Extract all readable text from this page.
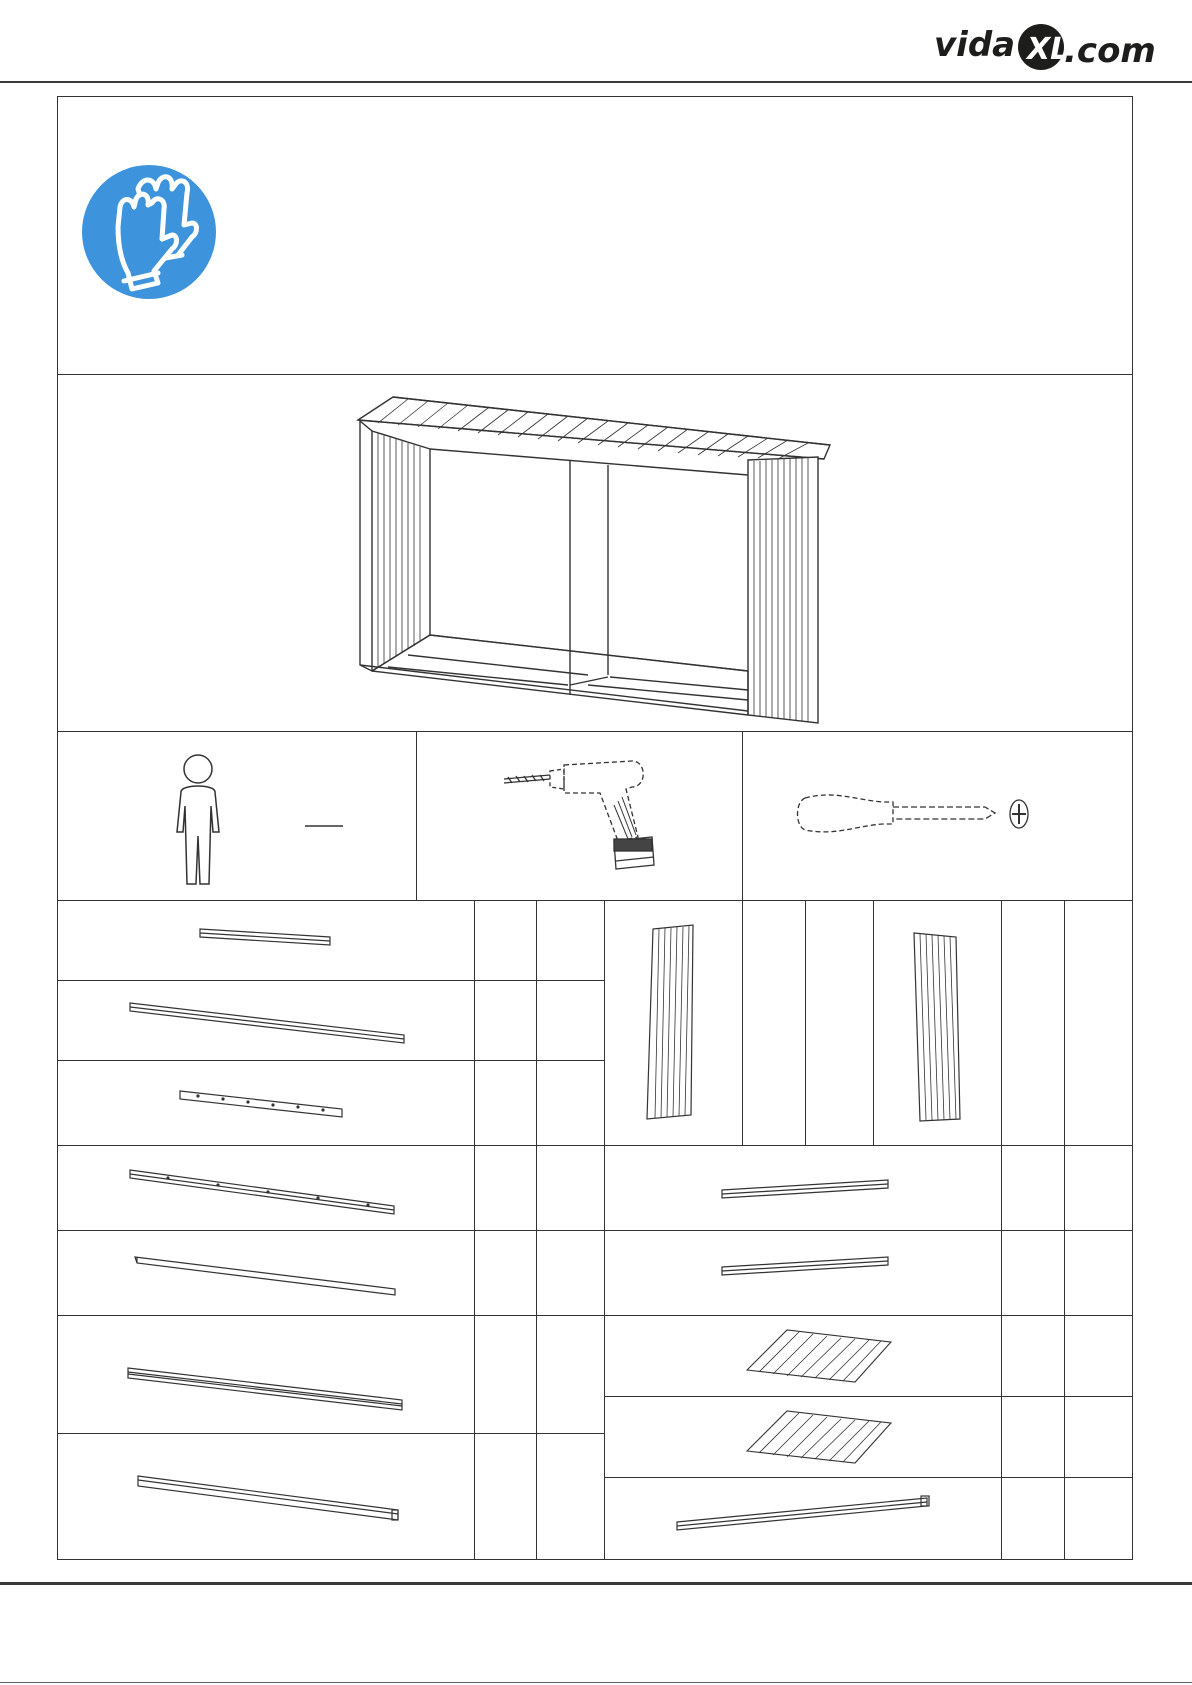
vida XL
.com
